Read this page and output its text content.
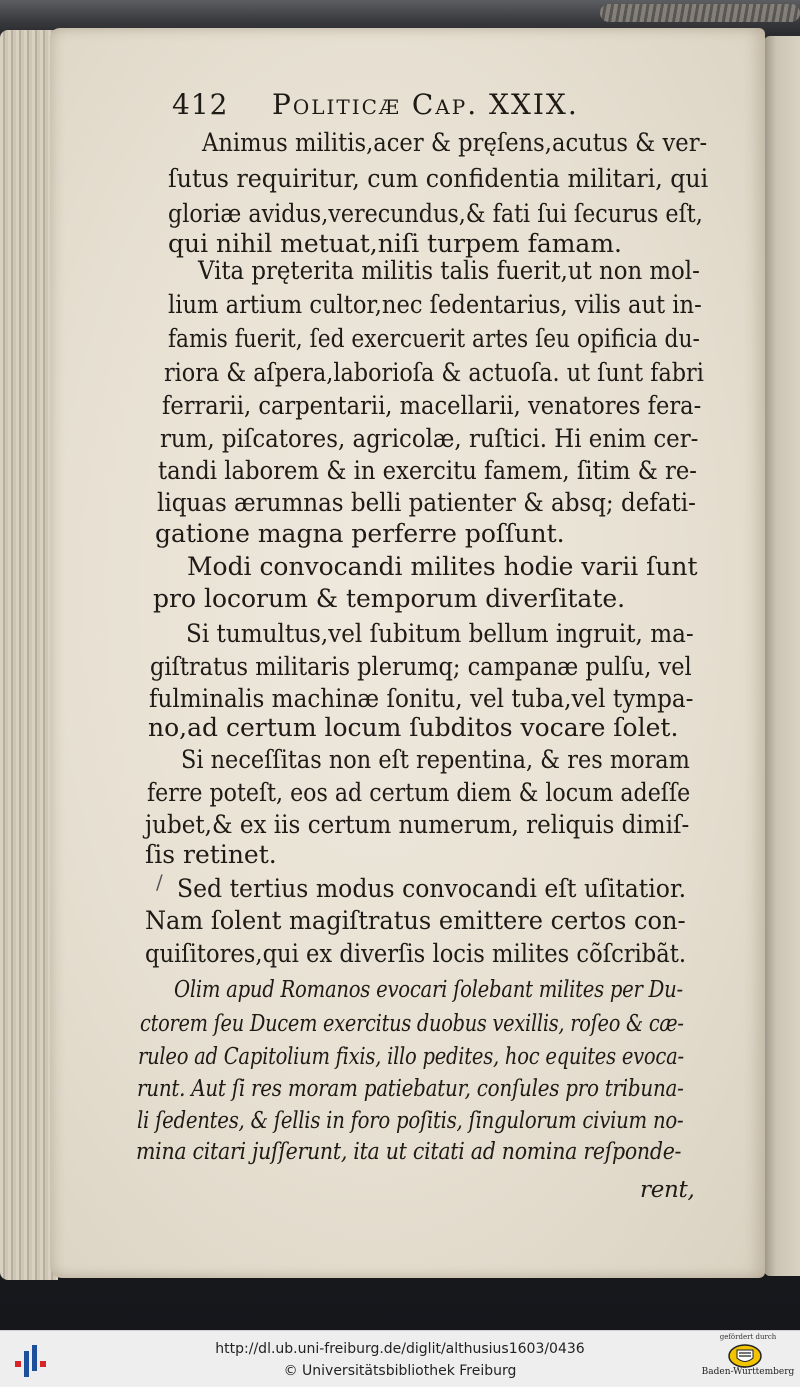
412 Politicæ Cap. XXIX.
Animus militis,acer & pręſens,acutus & ver-
ſutus requiritur, cum confidentia militari, qui
gloriæ avidus,verecundus,& fati ſui ſecurus eſt,
qui nihil metuat,niſi turpem famam.
Vita pręterita militis talis fuerit,ut non mol-
lium artium cultor,nec ſedentarius, vilis aut in-
famis fuerit, ſed exercuerit artes ſeu opificia du-
riora & aſpera,laborioſa & actuoſa. ut ſunt fabri
ferrarii, carpentarii, macellarii, venatores fera-
rum, piſcatores, agricolæ, ruſtici. Hi enim cer-
tandi laborem & in exercitu famem, ſitim & re-
liquas ærumnas belli patienter & absq; defati-
gatione magna perferre poſſunt.
Modi convocandi milites hodie varii ſunt
pro locorum & temporum diverſitate.
Si tumultus,vel ſubitum bellum ingruit, ma-
giſtratus militaris plerumq; campanæ pulſu, vel
fulminalis machinæ ſonitu, vel tuba,vel tympa-
no,ad certum locum ſubditos vocare ſolet.
Si neceſſitas non eſt repentina, & res moram
ferre poteſt, eos ad certum diem & locum adeſſe
jubet,& ex iis certum numerum, reliquis dimiſ-
ſis retinet.
Sed tertius modus convocandi eſt uſitatior.
Nam ſolent magiſtratus emittere certos con-
quiſitores,qui ex diverſis locis milites cõſcribãt.
Olim apud Romanos evocari ſolebant milites per Du-
ctorem ſeu Ducem exercitus duobus vexillis, roſeo & cæ-
ruleo ad Capitolium fixis, illo pedites, hoc equites evoca-
runt. Aut ſi res moram patiebatur, conſules pro tribuna-
li ſedentes, & ſellis in foro poſitis, ſingulorum civium no-
mina citari juſſerunt, ita ut citati ad nomina reſponde-
rent,
/
http://dl.ub.uni-freiburg.de/diglit/althusius1603/0436
© Universitätsbibliothek Freiburg
gefördert durch
Baden-Württemberg
